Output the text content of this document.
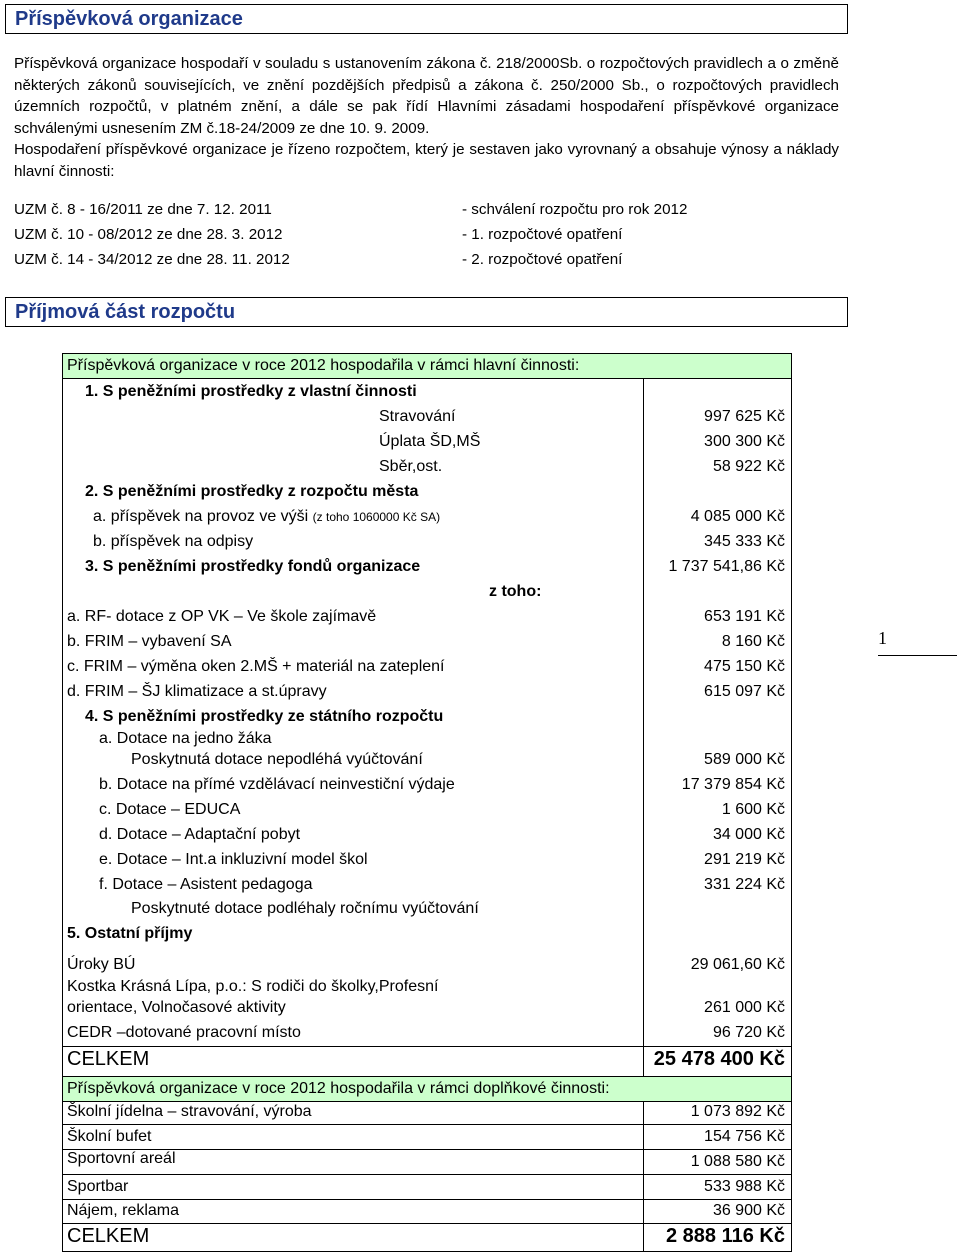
Příspěvková organizace

Příspěvková organizace hospodaří v souladu s ustanovením zákona č. 218/2000Sb. o rozpočtových pravidlech a o změně některých zákonů souvisejících, ve znění pozdějších předpisů a zákona č. 250/2000 Sb., o rozpočtových pravidlech územních rozpočtů, v platném znění, a dále se pak řídí Hlavními zásadami hospodaření příspěvkové organizace schválenými usnesením ZM č.18-24/2009 ze dne 10. 9. 2009.

Hospodaření příspěvkové organizace je řízeno rozpočtem, který je sestaven jako vyrovnaný a obsahuje výnosy a náklady hlavní činnosti:

UZM č. 8 - 16/2011 ze dne 7. 12. 2011	- schválení rozpočtu pro rok 2012
UZM č. 10 - 08/2012 ze dne 28. 3. 2012	- 1. rozpočtové opatření
UZM č. 14 - 34/2012 ze dne 28. 11. 2012	- 2. rozpočtové opatření
Příjmová část rozpočtu
Příspěvková organizace v roce 2012 hospodařila v rámci hlavní činnosti:
1. S peněžními prostředky z vlastní činnosti
Stravování	997 625 Kč
Úplata ŠD,MŠ	300 300 Kč
Sběr,ost.	58 922 Kč
2. S peněžními prostředky z rozpočtu města
a. příspěvek na provoz ve výši (z toho 1060000 Kč SA)	4 085 000 Kč
b. příspěvek na odpisy	345 333 Kč
3. S peněžními prostředky fondů organizace	1 737 541,86 Kč
z toho:
a. RF- dotace z OP VK – Ve škole zajímavě	653 191 Kč
b. FRIM – vybavení SA	8 160 Kč
c. FRIM – výměna oken 2.MŠ + materiál na zateplení	475 150 Kč
d. FRIM – ŠJ klimatizace a st.úpravy	615 097 Kč
4. S peněžními prostředky ze státního rozpočtu
a. Dotace na jedno žáka
Poskytnutá dotace nepodléhá vyúčtování	589 000 Kč
b. Dotace na přímé vzdělávací neinvestiční výdaje	17 379 854 Kč
c. Dotace – EDUCA	1 600 Kč
d. Dotace – Adaptační pobyt	34 000 Kč
e. Dotace – Int.a inkluzivní model škol	291 219 Kč
f. Dotace – Asistent pedagoga	331 224 Kč
Poskytnuté dotace podléhaly ročnímu vyúčtování
5. Ostatní příjmy
Úroky BÚ	29 061,60 Kč
Kostka Krásná Lípa, p.o.: S rodiči do školky,Profesní
orientace, Volnočasové aktivity	261 000 Kč
CEDR –dotované pracovní místo	96 720 Kč
CELKEM	25 478 400 Kč
Příspěvková organizace v roce 2012 hospodařila v rámci doplňkové činnosti:
Školní jídelna – stravování, výroba	1 073 892 Kč
Školní bufet	154 756 Kč
Sportovní areál	1 088 580 Kč
Sportbar	533 988 Kč
Nájem, reklama	36 900 Kč
CELKEM	2 888 116 Kč
1
